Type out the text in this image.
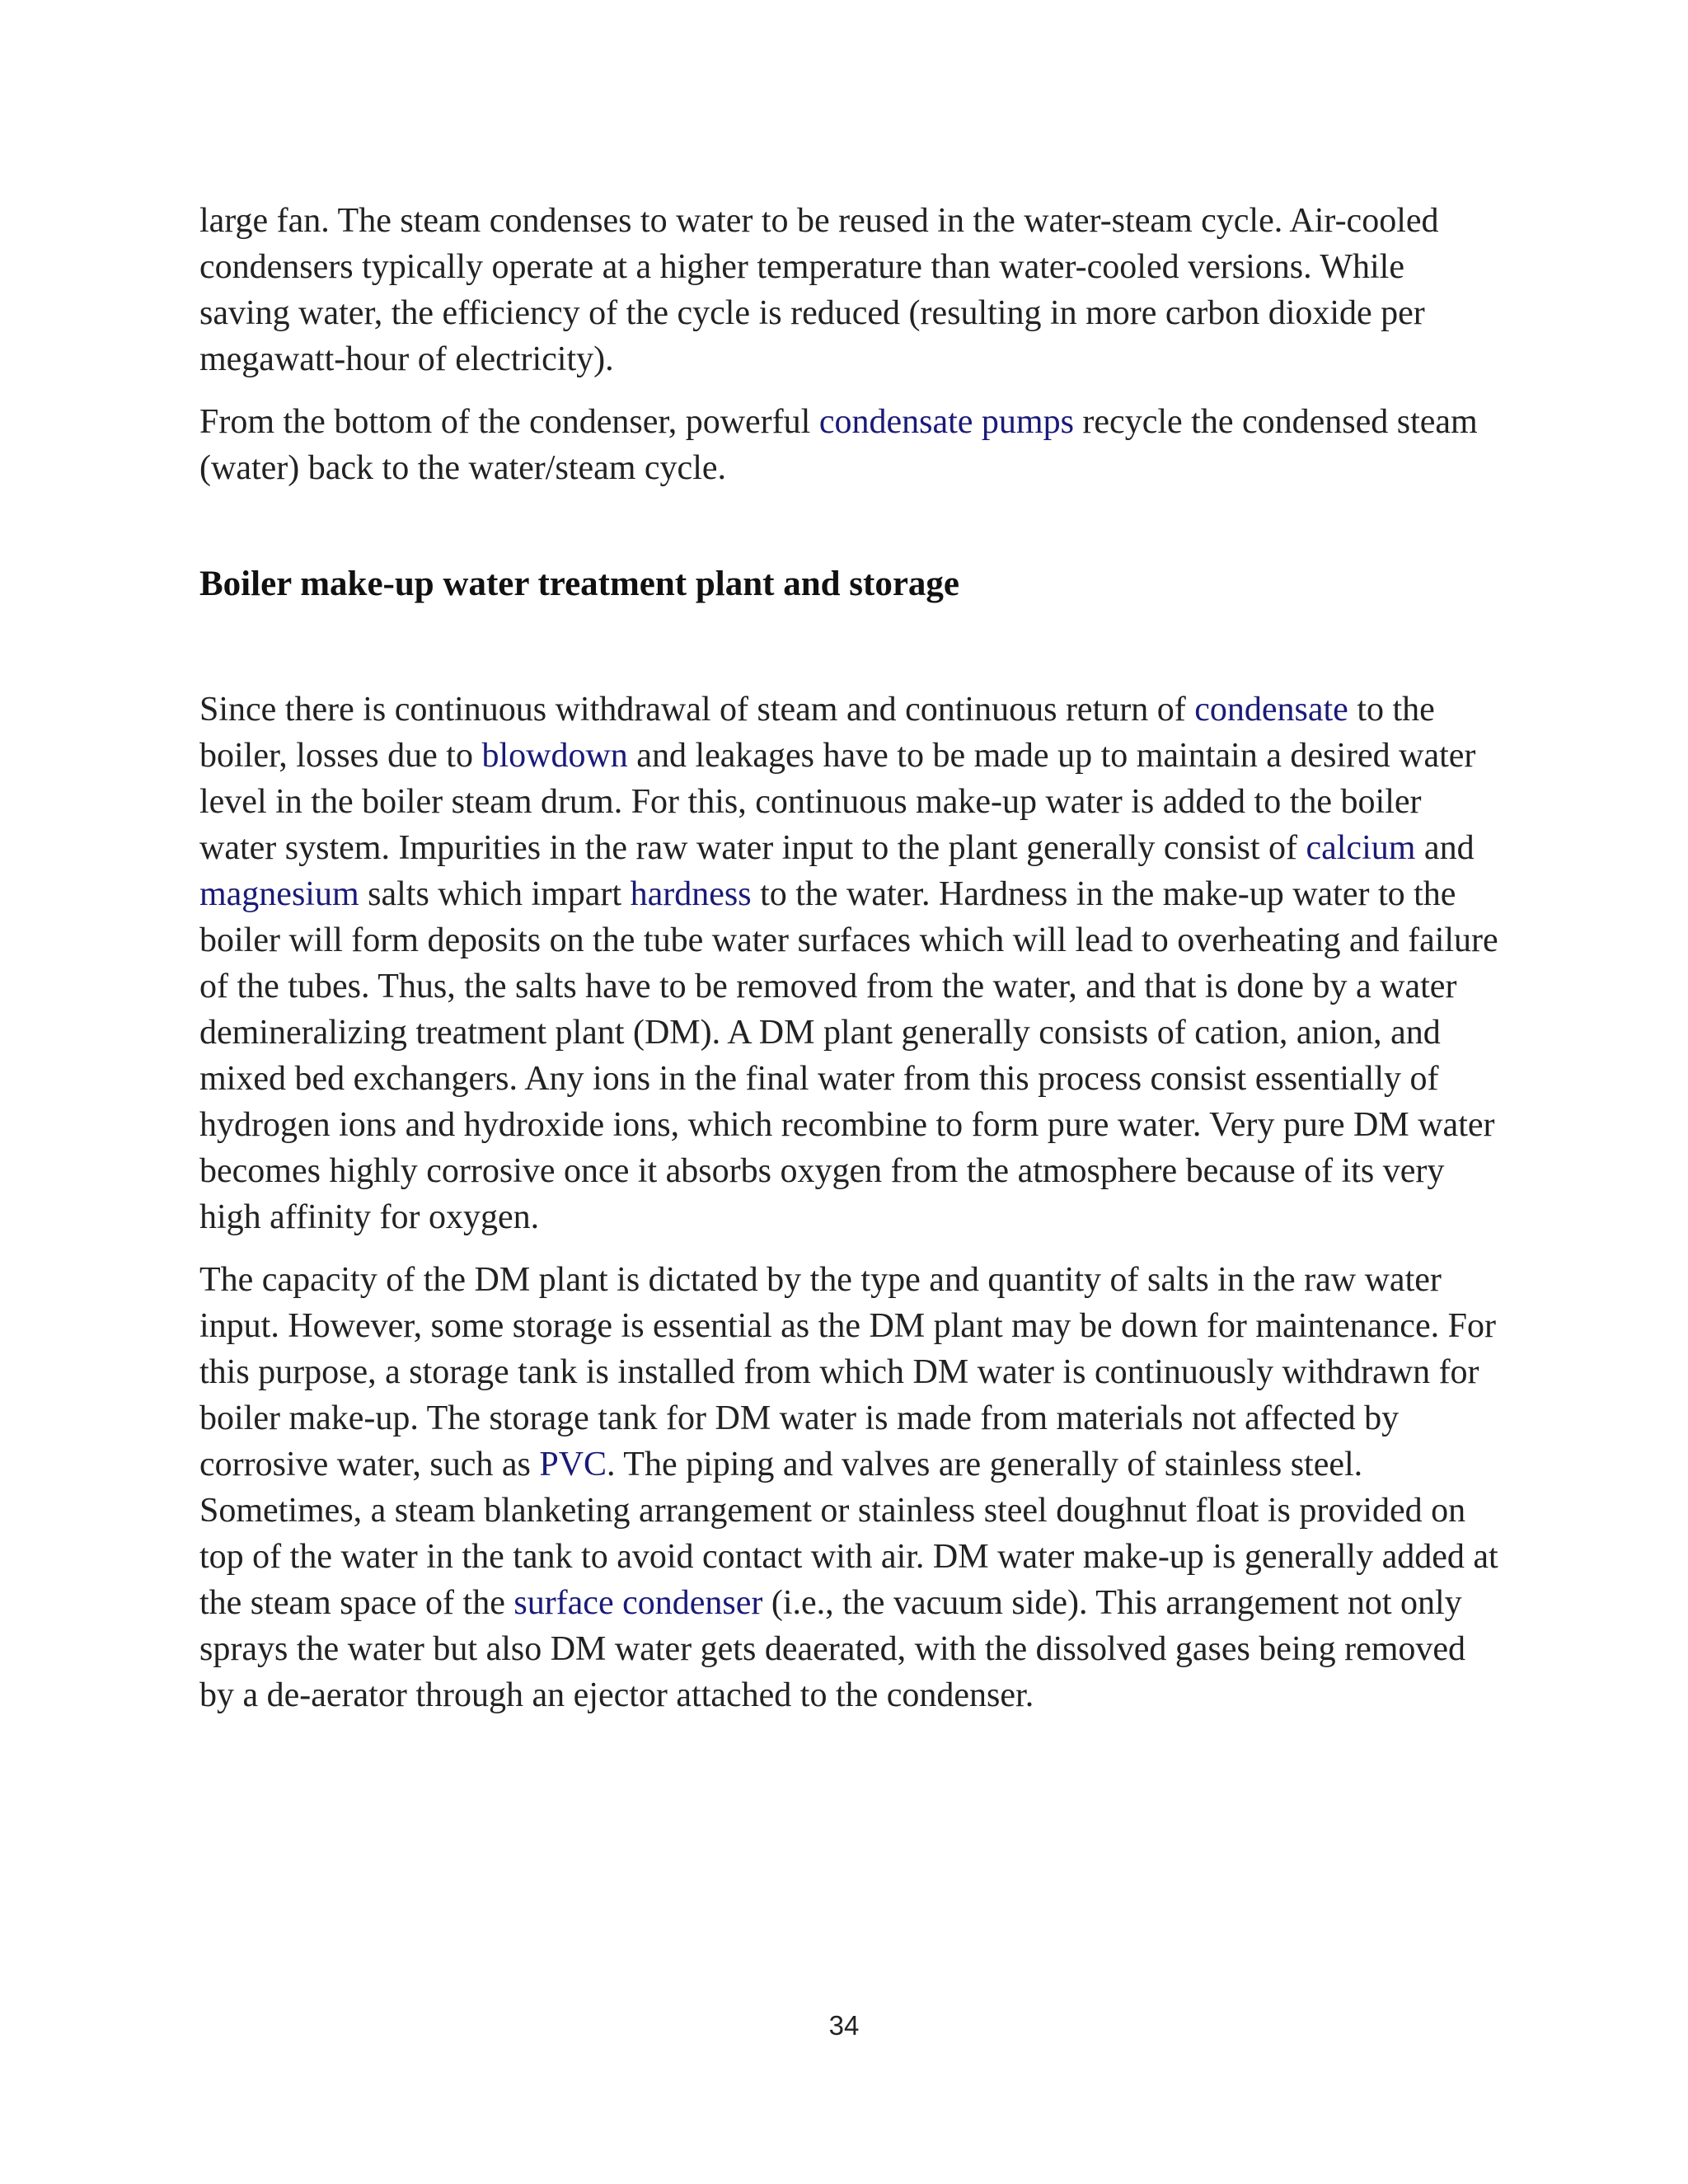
large fan. The steam condenses to water to be reused in the water-steam cycle. Air-cooled condensers typically operate at a higher temperature than water-cooled versions. While saving water, the efficiency of the cycle is reduced (resulting in more carbon dioxide per megawatt-hour of electricity).

From the bottom of the condenser, powerful condensate pumps recycle the condensed steam (water) back to the water/steam cycle.

Boiler make-up water treatment plant and storage

Since there is continuous withdrawal of steam and continuous return of condensate to the boiler, losses due to blowdown and leakages have to be made up to maintain a desired water level in the boiler steam drum. For this, continuous make-up water is added to the boiler water system. Impurities in the raw water input to the plant generally consist of calcium and magnesium salts which impart hardness to the water. Hardness in the make-up water to the boiler will form deposits on the tube water surfaces which will lead to overheating and failure of the tubes. Thus, the salts have to be removed from the water, and that is done by a water demineralizing treatment plant (DM). A DM plant generally consists of cation, anion, and mixed bed exchangers. Any ions in the final water from this process consist essentially of hydrogen ions and hydroxide ions, which recombine to form pure water. Very pure DM water becomes highly corrosive once it absorbs oxygen from the atmosphere because of its very high affinity for oxygen.

The capacity of the DM plant is dictated by the type and quantity of salts in the raw water input. However, some storage is essential as the DM plant may be down for maintenance. For this purpose, a storage tank is installed from which DM water is continuously withdrawn for boiler make-up. The storage tank for DM water is made from materials not affected by corrosive water, such as PVC. The piping and valves are generally of stainless steel. Sometimes, a steam blanketing arrangement or stainless steel doughnut float is provided on top of the water in the tank to avoid contact with air. DM water make-up is generally added at the steam space of the surface condenser (i.e., the vacuum side). This arrangement not only sprays the water but also DM water gets deaerated, with the dissolved gases being removed by a de-aerator through an ejector attached to the condenser.

34
